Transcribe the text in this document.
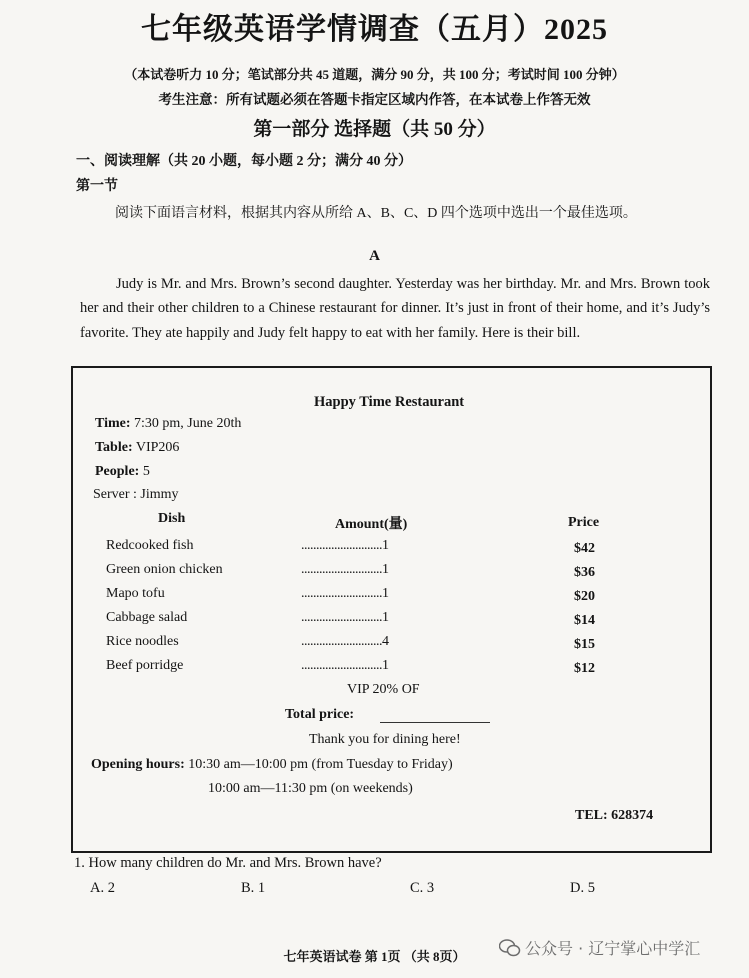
七年级英语学情调查（五月）2025
（本试卷听力 10 分；笔试部分共 45 道题，满分 90 分，共 100 分；考试时间 100 分钟）
考生注意：所有试题必须在答题卡指定区域内作答，在本试卷上作答无效
第一部分 选择题（共 50 分）
一、阅读理解（共 20 小题，每小题 2 分；满分 40 分）
第一节
阅读下面语言材料，根据其内容从所给 A、B、C、D 四个选项中选出一个最佳选项。
A

Judy is Mr. and Mrs. Brown’s second daughter. Yesterday was her birthday. Mr. and Mrs. Brown took her and their other children to a Chinese restaurant for dinner. It’s just in front of their home, and it’s Judy’s favorite. They ate happily and Judy felt happy to eat with her family. Here is their bill.

Happy Time Restaurant
Time: 7:30 pm, June 20th
Table: VIP206
People: 5
Server : Jimmy
Dish	Amount(量)	Price
Redcooked fish	...........................1	$42
Green onion chicken	...........................1	$36
Mapo tofu	...........................1	$20
Cabbage salad	...........................1	$14
Rice noodles	...........................4	$15
Beef porridge	...........................1	$12
VIP 20% OF
Total price:
Thank you for dining here!
Opening hours: 10:30 am—10:00 pm (from Tuesday to Friday)
10:00 am—11:30 pm (on weekends)
TEL: 628374
1. How many children do Mr. and Mrs. Brown have?
A. 2	B. 1	C. 3	D. 5
七年英语试卷 第 1页 （共 8页）	公众号 · 辽宁掌心中学汇
